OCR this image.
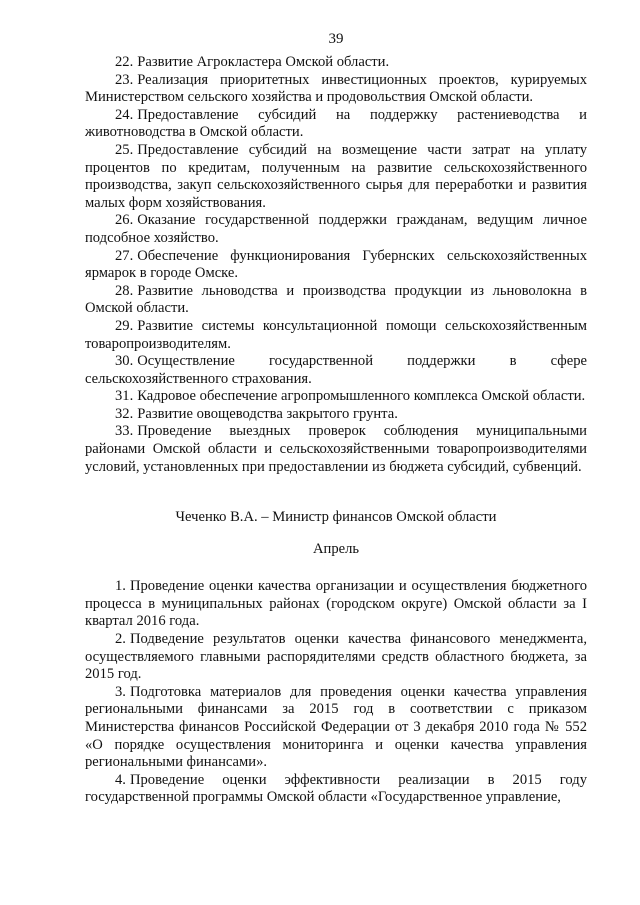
39

22. Развитие Агрокластера Омской области.

23. Реализация приоритетных инвестиционных проектов, курируемых Министерством сельского хозяйства и продовольствия Омской области.

24. Предоставление субсидий на поддержку растениеводства и животноводства в Омской области.

25. Предоставление субсидий на возмещение части затрат на уплату процентов по кредитам, полученным на развитие сельскохозяйственного производства, закуп сельскохозяйственного сырья для переработки и развития малых форм хозяйствования.

26. Оказание государственной поддержки гражданам, ведущим личное подсобное хозяйство.

27. Обеспечение функционирования Губернских сельскохозяйственных ярмарок в городе Омске.

28. Развитие льноводства и производства продукции из льноволокна в Омской области.

29. Развитие системы консультационной помощи сельскохозяйственным товаропроизводителям.

30. Осуществление государственной поддержки в сфере сельскохозяйственного страхования.

31. Кадровое обеспечение агропромышленного комплекса Омской области.

32. Развитие овощеводства закрытого грунта.

33. Проведение выездных проверок соблюдения муниципальными районами Омской области и сельскохозяйственными товаропроизводителями условий, установленных при предоставлении из бюджета субсидий, субвенций.

Чеченко В.А. – Министр финансов Омской области

Апрель

1. Проведение оценки качества организации и осуществления бюджетного процесса в муниципальных районах (городском округе) Омской области за I квартал 2016 года.

2. Подведение результатов оценки качества финансового менеджмента, осуществляемого главными распорядителями средств областного бюджета, за 2015 год.

3. Подготовка материалов для проведения оценки качества управления региональными финансами за 2015 год в соответствии с приказом Министерства финансов Российской Федерации от 3 декабря 2010 года № 552 «О порядке осуществления мониторинга и оценки качества управления региональными финансами».

4. Проведение оценки эффективности реализации в 2015 году государственной программы Омской области «Государственное управление,
